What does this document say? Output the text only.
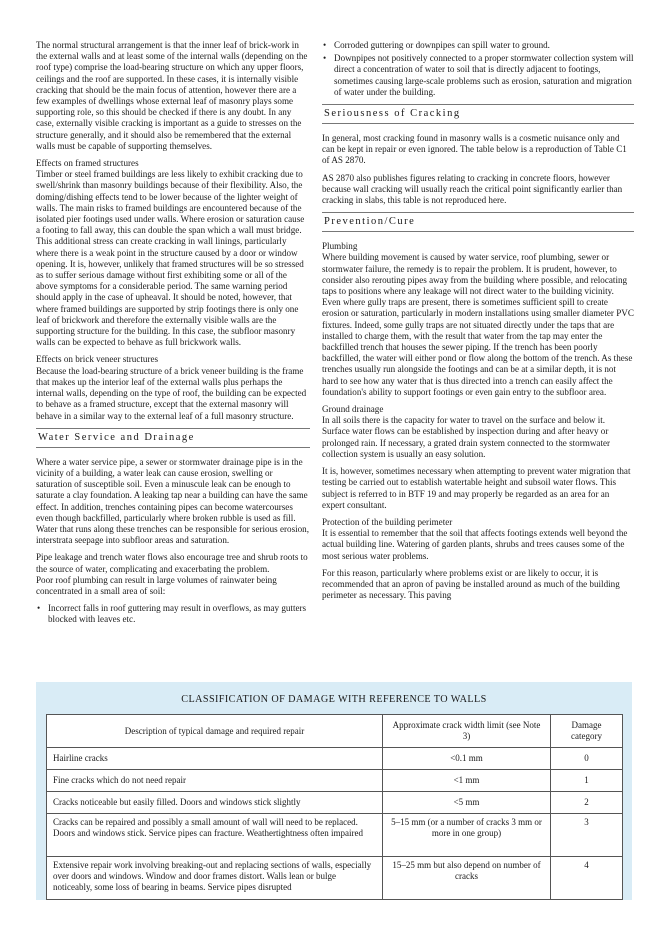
The normal structural arrangement is that the inner leaf of brick-work in the external walls and at least some of the internal walls (depending on the roof type) comprise the load-bearing structure on which any upper floors, ceilings and the roof are supported. In these cases, it is internally visible cracking that should be the main focus of attention, however there are a few examples of dwellings whose external leaf of masonry plays some supporting role, so this should be checked if there is any doubt. In any case, externally visible cracking is important as a guide to stresses on the structure generally, and it should also be remembered that the external walls must be capable of supporting themselves.

Effects on framed structures

Timber or steel framed buildings are less likely to exhibit cracking due to swell/shrink than masonry buildings because of their flexibility. Also, the doming/dishing effects tend to be lower because of the lighter weight of walls. The main risks to framed buildings are encountered because of the isolated pier footings used under walls. Where erosion or saturation cause a footing to fall away, this can double the span which a wall must bridge. This additional stress can create cracking in wall linings, particularly where there is a weak point in the structure caused by a door or window opening. It is, however, unlikely that framed structures will be so stressed as to suffer serious damage without first exhibiting some or all of the above symptoms for a considerable period. The same warning period should apply in the case of upheaval. It should be noted, however, that where framed buildings are supported by strip footings there is only one leaf of brickwork and therefore the externally visible walls are the supporting structure for the building. In this case, the subfloor masonry walls can be expected to behave as full brickwork walls.

Effects on brick veneer structures

Because the load-bearing structure of a brick veneer building is the frame that makes up the interior leaf of the external walls plus perhaps the internal walls, depending on the type of roof, the building can be expected to behave as a framed structure, except that the external masonry will behave in a similar way to the external leaf of a full masonry structure.

Water Service and Drainage

Where a water service pipe, a sewer or stormwater drainage pipe is in the vicinity of a building, a water leak can cause erosion, swelling or saturation of susceptible soil. Even a minuscule leak can be enough to saturate a clay foundation. A leaking tap near a building can have the same effect. In addition, trenches containing pipes can become watercourses even though backfilled, particularly where broken rubble is used as fill. Water that runs along these trenches can be responsible for serious erosion, interstrata seepage into subfloor areas and saturation.

Pipe leakage and trench water flows also encourage tree and shrub roots to the source of water, complicating and exacerbating the problem.

Poor roof plumbing can result in large volumes of rainwater being concentrated in a small area of soil:

• Incorrect falls in roof guttering may result in overflows, as may gutters blocked with leaves etc.
• Corroded guttering or downpipes can spill water to ground.
• Downpipes not positively connected to a proper stormwater collection system will direct a concentration of water to soil that is directly adjacent to footings, sometimes causing large-scale problems such as erosion, saturation and migration of water under the building.
Seriousness of Cracking

In general, most cracking found in masonry walls is a cosmetic nuisance only and can be kept in repair or even ignored. The table below is a reproduction of Table C1 of AS 2870.

AS 2870 also publishes figures relating to cracking in concrete floors, however because wall cracking will usually reach the critical point significantly earlier than cracking in slabs, this table is not reproduced here.

Prevention/Cure

Plumbing

Where building movement is caused by water service, roof plumbing, sewer or stormwater failure, the remedy is to repair the problem. It is prudent, however, to consider also rerouting pipes away from the building where possible, and relocating taps to positions where any leakage will not direct water to the building vicinity. Even where gully traps are present, there is sometimes sufficient spill to create erosion or saturation, particularly in modern installations using smaller diameter PVC fixtures. Indeed, some gully traps are not situated directly under the taps that are installed to charge them, with the result that water from the tap may enter the backfilled trench that houses the sewer piping. If the trench has been poorly backfilled, the water will either pond or flow along the bottom of the trench. As these trenches usually run alongside the footings and can be at a similar depth, it is not hard to see how any water that is thus directed into a trench can easily affect the foundation's ability to support footings or even gain entry to the subfloor area.

Ground drainage

In all soils there is the capacity for water to travel on the surface and below it. Surface water flows can be established by inspection during and after heavy or prolonged rain. If necessary, a grated drain system connected to the stormwater collection system is usually an easy solution.

It is, however, sometimes necessary when attempting to prevent water migration that testing be carried out to establish watertable height and subsoil water flows. This subject is referred to in BTF 19 and may properly be regarded as an area for an expert consultant.

Protection of the building perimeter

It is essential to remember that the soil that affects footings extends well beyond the actual building line. Watering of garden plants, shrubs and trees causes some of the most serious water problems.

For this reason, particularly where problems exist or are likely to occur, it is recommended that an apron of paving be installed around as much of the building perimeter as necessary. This paving

CLASSIFICATION OF DAMAGE WITH REFERENCE TO WALLS
Description of typical damage and required repair	Approximate crack width limit (see Note 3)	Damage category
Hairline cracks	<0.1 mm	0
Fine cracks which do not need repair	<1 mm	1
Cracks noticeable but easily filled. Doors and windows stick slightly	<5 mm	2
Cracks can be repaired and possibly a small amount of wall will need to be replaced. Doors and windows stick. Service pipes can fracture. Weathertightness often impaired	5–15 mm (or a number of cracks 3 mm or more in one group)	3
Extensive repair work involving breaking-out and replacing sections of walls, especially over doors and windows. Window and door frames distort. Walls lean or bulge noticeably, some loss of bearing in beams. Service pipes disrupted	15–25 mm but also depend on number of cracks	4
